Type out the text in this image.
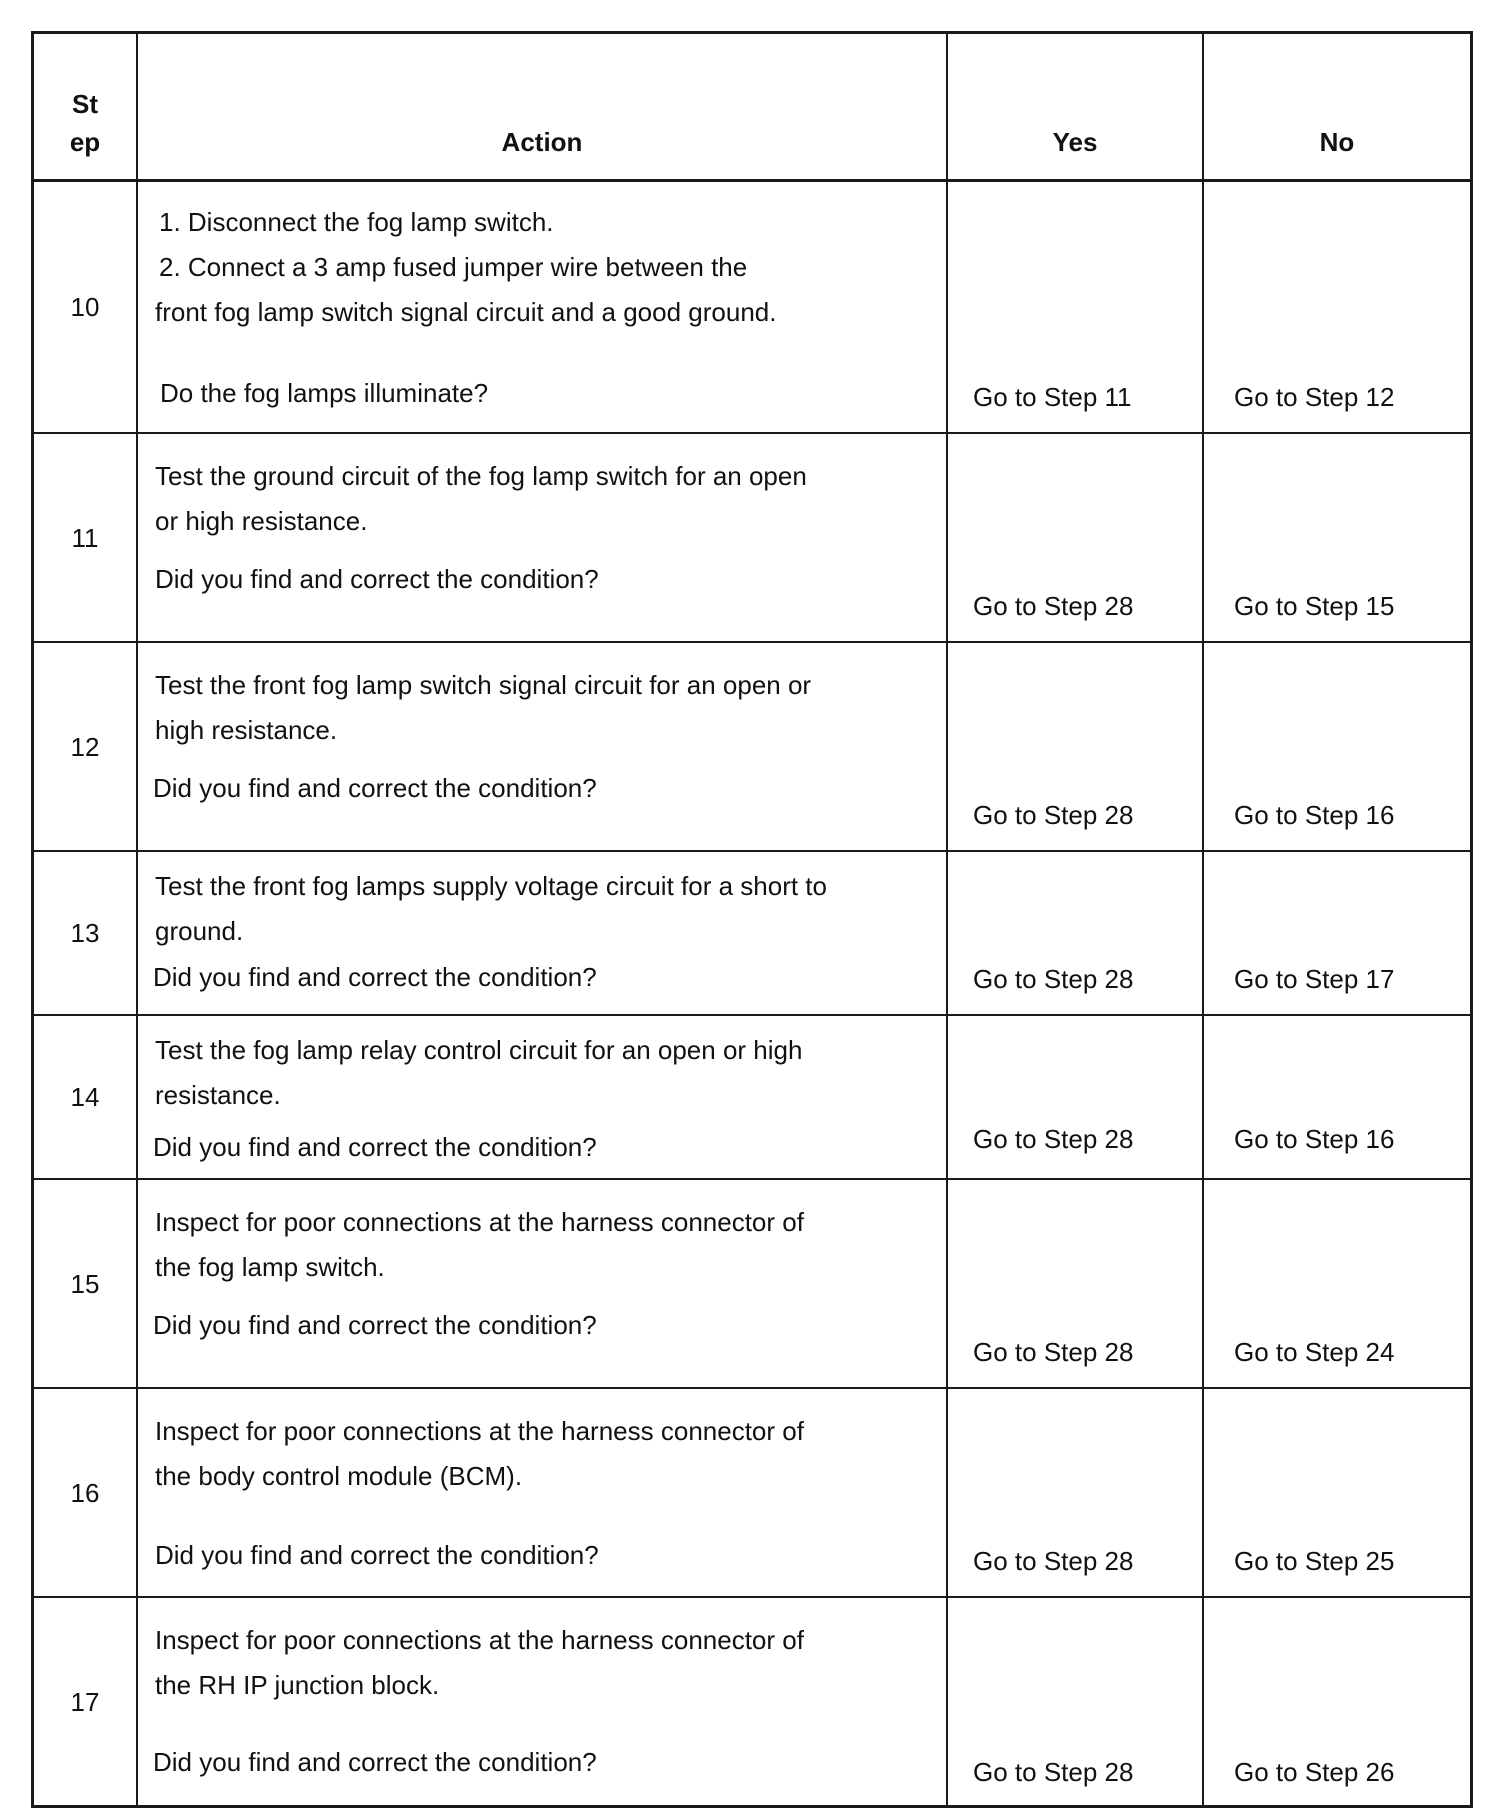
St
ep	Action	Yes	No
10
1. Disconnect the fog lamp switch.
2. Connect a 3 amp fused jumper wire between the
front fog lamp switch signal circuit and a good ground.
Do the fog lamps illuminate?	Go to Step 11	Go to Step 12
11
Test the ground circuit of the fog lamp switch for an open
or high resistance.
Did you find and correct the condition?
Go to Step 28	Go to Step 15
12
Test the front fog lamp switch signal circuit for an open or
high resistance.
Did you find and correct the condition?
Go to Step 28	Go to Step 16
13
Test the front fog lamps supply voltage circuit for a short to
ground.
Did you find and correct the condition?	Go to Step 28	Go to Step 17
14
Test the fog lamp relay control circuit for an open or high
resistance.
Did you find and correct the condition?	Go to Step 28	Go to Step 16
15
Inspect for poor connections at the harness connector of
the fog lamp switch.
Did you find and correct the condition?
Go to Step 28	Go to Step 24
16
Inspect for poor connections at the harness connector of
the body control module (BCM).
Did you find and correct the condition?	Go to Step 28	Go to Step 25
17
Inspect for poor connections at the harness connector of
the RH IP junction block.
Did you find and correct the condition?	Go to Step 28	Go to Step 26
